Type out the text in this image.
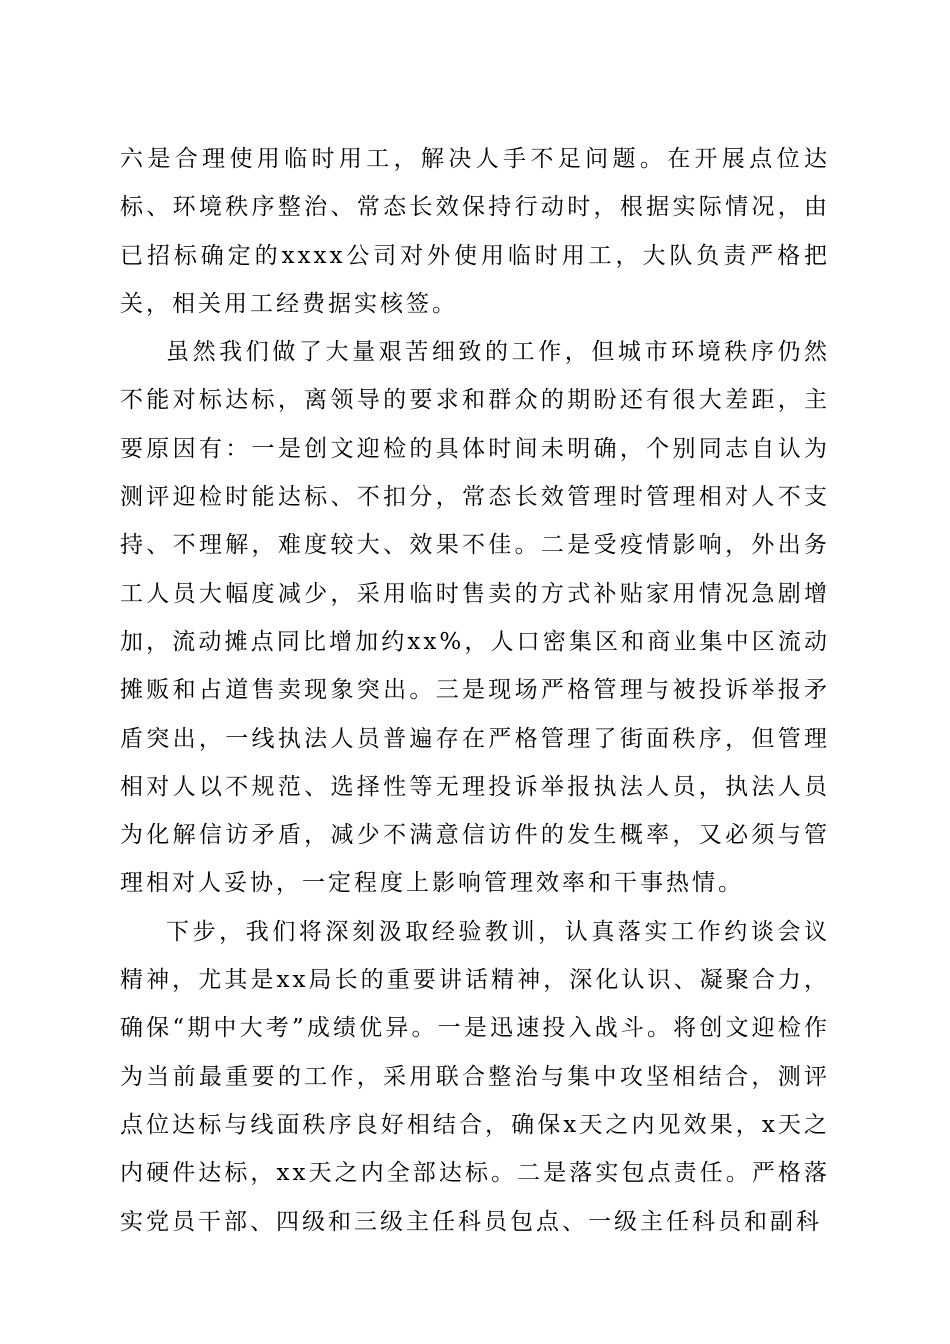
六是合理使用临时用工，解决人手不足问题。在开展点位达标、环境秩序整治、常态长效保持行动时，根据实际情况，由已招标确定的xxxx公司对外使用临时用工，大队负责严格把关，相关用工经费据实核签。

虽然我们做了大量艰苦细致的工作，但城市环境秩序仍然不能对标达标，离领导的要求和群众的期盼还有很大差距，主要原因有：一是创文迎检的具体时间未明确，个别同志自认为测评迎检时能达标、不扣分，常态长效管理时管理相对人不支持、不理解，难度较大、效果不佳。二是受疫情影响，外出务工人员大幅度减少，采用临时售卖的方式补贴家用情况急剧增加，流动摊点同比增加约xx%，人口密集区和商业集中区流动摊贩和占道售卖现象突出。三是现场严格管理与被投诉举报矛盾突出，一线执法人员普遍存在严格管理了街面秩序，但管理相对人以不规范、选择性等无理投诉举报执法人员，执法人员为化解信访矛盾，减少不满意信访件的发生概率，又必须与管理相对人妥协，一定程度上影响管理效率和干事热情。

下步，我们将深刻汲取经验教训，认真落实工作约谈会议精神，尤其是xx局长的重要讲话精神，深化认识、凝聚合力，确保“期中大考”成绩优异。一是迅速投入战斗。将创文迎检作为当前最重要的工作，采用联合整治与集中攻坚相结合，测评点位达标与线面秩序良好相结合，确保x天之内见效果，x天之内硬件达标，xx天之内全部达标。二是落实包点责任。严格落实党员干部、四级和三级主任科员包点、一级主任科员和副科
